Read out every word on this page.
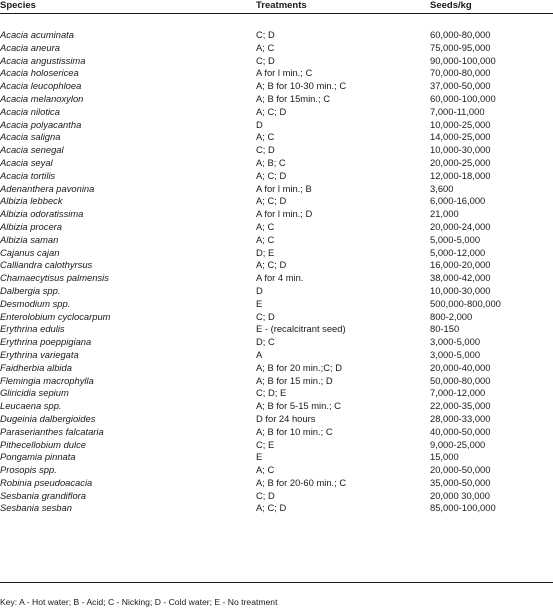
Species	Treatments	Seeds/kg
Acacia acuminata	C; D	60,000-80,000
Acacia aneura	A; C	75,000-95,000
Acacia angustissima	C; D	90,000-100,000
Acacia holosericea	A for l min.; C	70,000-80,000
Acacia leucophloea	A; B for 10-30 min.; C	37,000-50,000
Acacia melanoxylon	A; B for 15min.; C	60,000-100,000
Acacia nilotica	A; C; D	7,000-11,000
Acacia polyacantha	D	10,000-25,000
Acacia saligna	A; C	14,000-25,000
Acacia senegal	C; D	10,000-30,000
Acacia seyal	A; B; C	20,000-25,000
Acacia tortilis	A; C; D	12,000-18,000
Adenanthera pavonina	A for l min.; B	3,600
Albizia lebbeck	A; C; D	6,000-16,000
Albizia odoratissima	A for l min.; D	21,000
Albizia procera	A; C	20,000-24,000
Albizia saman	A; C	5,000-5,000
Cajanus cajan	D; E	5,000-12,000
Calliandra calothyrsus	A; C; D	16,000-20,000
Chamaecytisus palmensis	A for 4 min.	38,000-42,000
Dalbergia spp.	D	10,000-30,000
Desmodium spp.	E	500,000-800,000
Enterolobium cyclocarpum	C; D	800-2,000
Erythrina edulis	E - (recalcitrant seed)	80-150
Erythrina poeppigiana	D; C	3,000-5,000
Erythrina variegata	A	3,000-5,000
Faidherbia albida	A; B for 20 min.;C; D	20,000-40,000
Flemingia macrophylla	A; B for 15 min.; D	50,000-80,000
Gliricidia sepium	C; D; E	7,000-12,000
Leucaena spp.	A; B for 5-15 min.; C	22,000-35,000
Dugeinia dalbergioides	D for 24 hours	28,000-33,000
Paraserianthes falcataria	A; B for 10 min.; C	40,000-50,000
Pithecellobium dulce	C; E	9,000-25,000
Pongamia pinnata	E	15,000
Prosopis spp.	A; C	20,000-50,000
Robinia pseudoacacia	A; B for 20-60 min.; C	35,000-50,000
Sesbania grandiflora	C; D	20,000 30,000
Sesbania sesban	A; C; D	85,000-100,000
Key: A - Hot water; B - Acid; C - Nicking; D - Cold water; E - No treatment
